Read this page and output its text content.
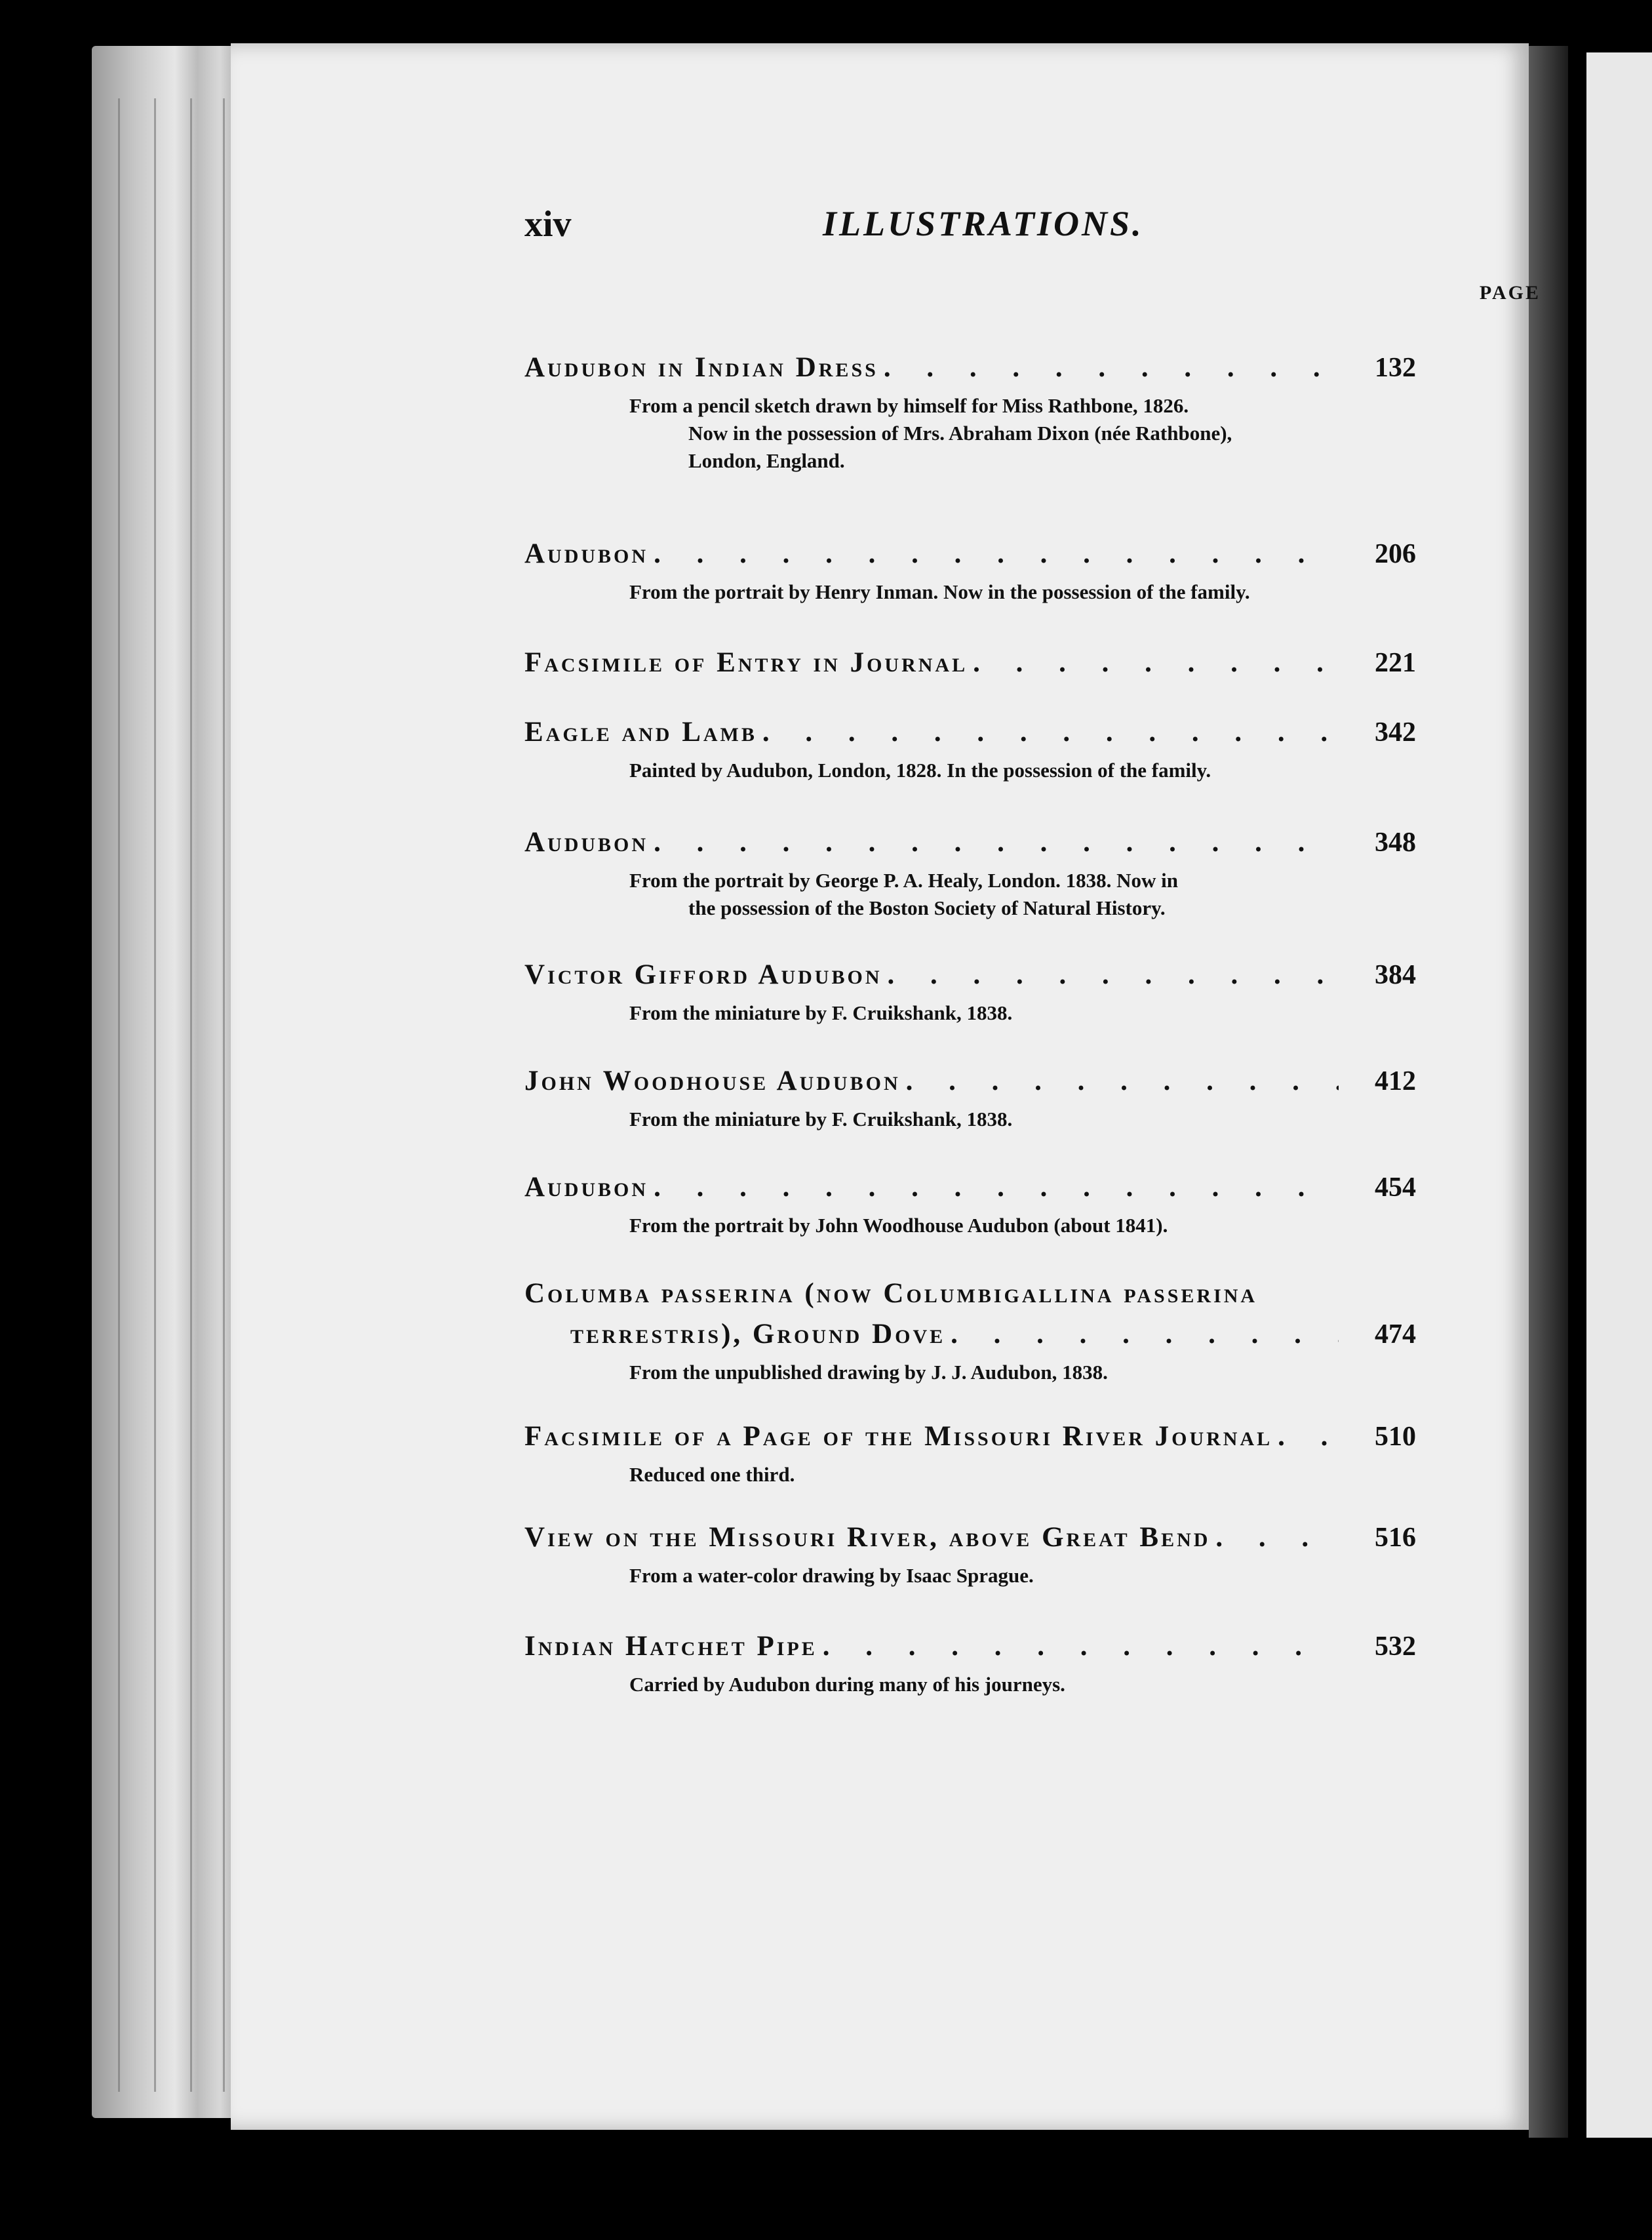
xiv	ILLUSTRATIONS.
PAGE
Audubon in Indian Dress . . .	132
From a pencil sketch drawn by himself for Miss Rathbone, 1826.
Now in the possession of Mrs. Abraham Dixon (née Rathbone),
London, England.
Audubon . . .	206
From the portrait by Henry Inman. Now in the possession of the family.
Facsimile of Entry in Journal . . .	221
Eagle and Lamb . . .	342
Painted by Audubon, London, 1828. In the possession of the family.
Audubon . . .	348
From the portrait by George P. A. Healy, London. 1838. Now in
the possession of the Boston Society of Natural History.
Victor Gifford Audubon . . .	384
From the miniature by F. Cruikshank, 1838.
John Woodhouse Audubon . . .	412
From the miniature by F. Cruikshank, 1838.
Audubon . . .	454
From the portrait by John Woodhouse Audubon (about 1841).
Columba passerina (now Columbigallina passerina
terrestris), Ground Dove . . .	474
From the unpublished drawing by J. J. Audubon, 1838.
Facsimile of a Page of the Missouri River Journal . . .	510
Reduced one third.
View on the Missouri River, above Great Bend . . .	516
From a water-color drawing by Isaac Sprague.
Indian Hatchet Pipe . . .	532
Carried by Audubon during many of his journeys.
